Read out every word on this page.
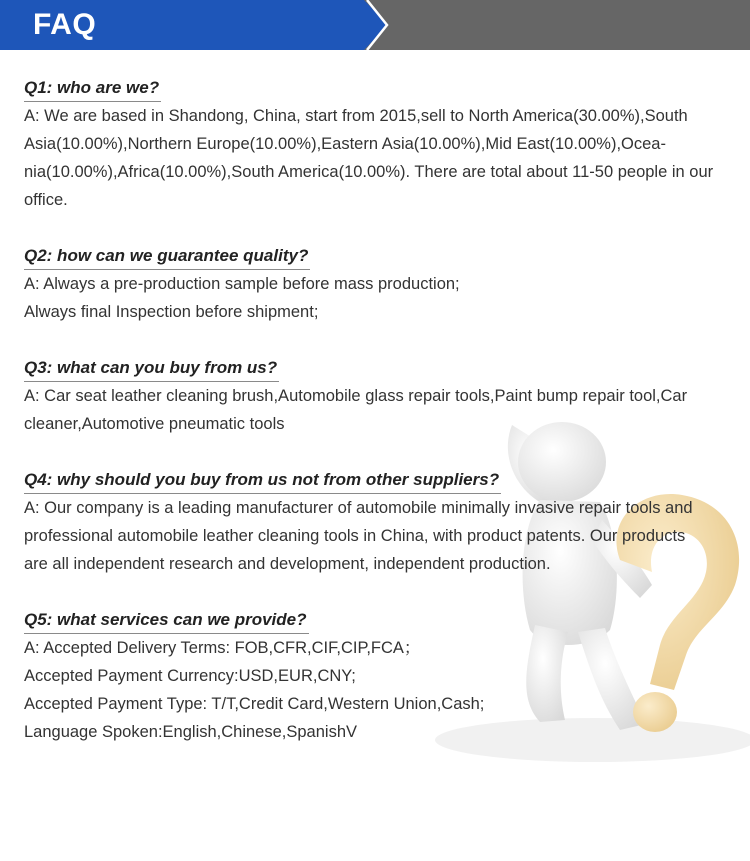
FAQ
Q1: who are we?
A: We are based in Shandong, China, start from 2015,sell to North America(30.00%),South
Asia(10.00%),Northern Europe(10.00%),Eastern Asia(10.00%),Mid East(10.00%),Ocea-
nia(10.00%),Africa(10.00%),South America(10.00%). There are total about 11-50 people in our
office.
Q2: how can we guarantee quality?
A: Always a pre-production sample before mass production;
Always final Inspection before shipment;
Q3: what can you buy from us?
A: Car seat leather cleaning brush,Automobile glass repair tools,Paint bump repair tool,Car
cleaner,Automotive pneumatic tools
Q4: why should you buy from us not from other suppliers?
A: Our company is a leading manufacturer of automobile minimally invasive repair tools and
professional automobile leather cleaning tools in China, with product patents. Our products
are all independent research and development, independent production.
Q5: what services can we provide?
A: Accepted Delivery Terms: FOB,CFR,CIF,CIP,FCA；
Accepted Payment Currency:USD,EUR,CNY;
Accepted Payment Type: T/T,Credit Card,Western Union,Cash;
Language Spoken:English,Chinese,SpanishV
